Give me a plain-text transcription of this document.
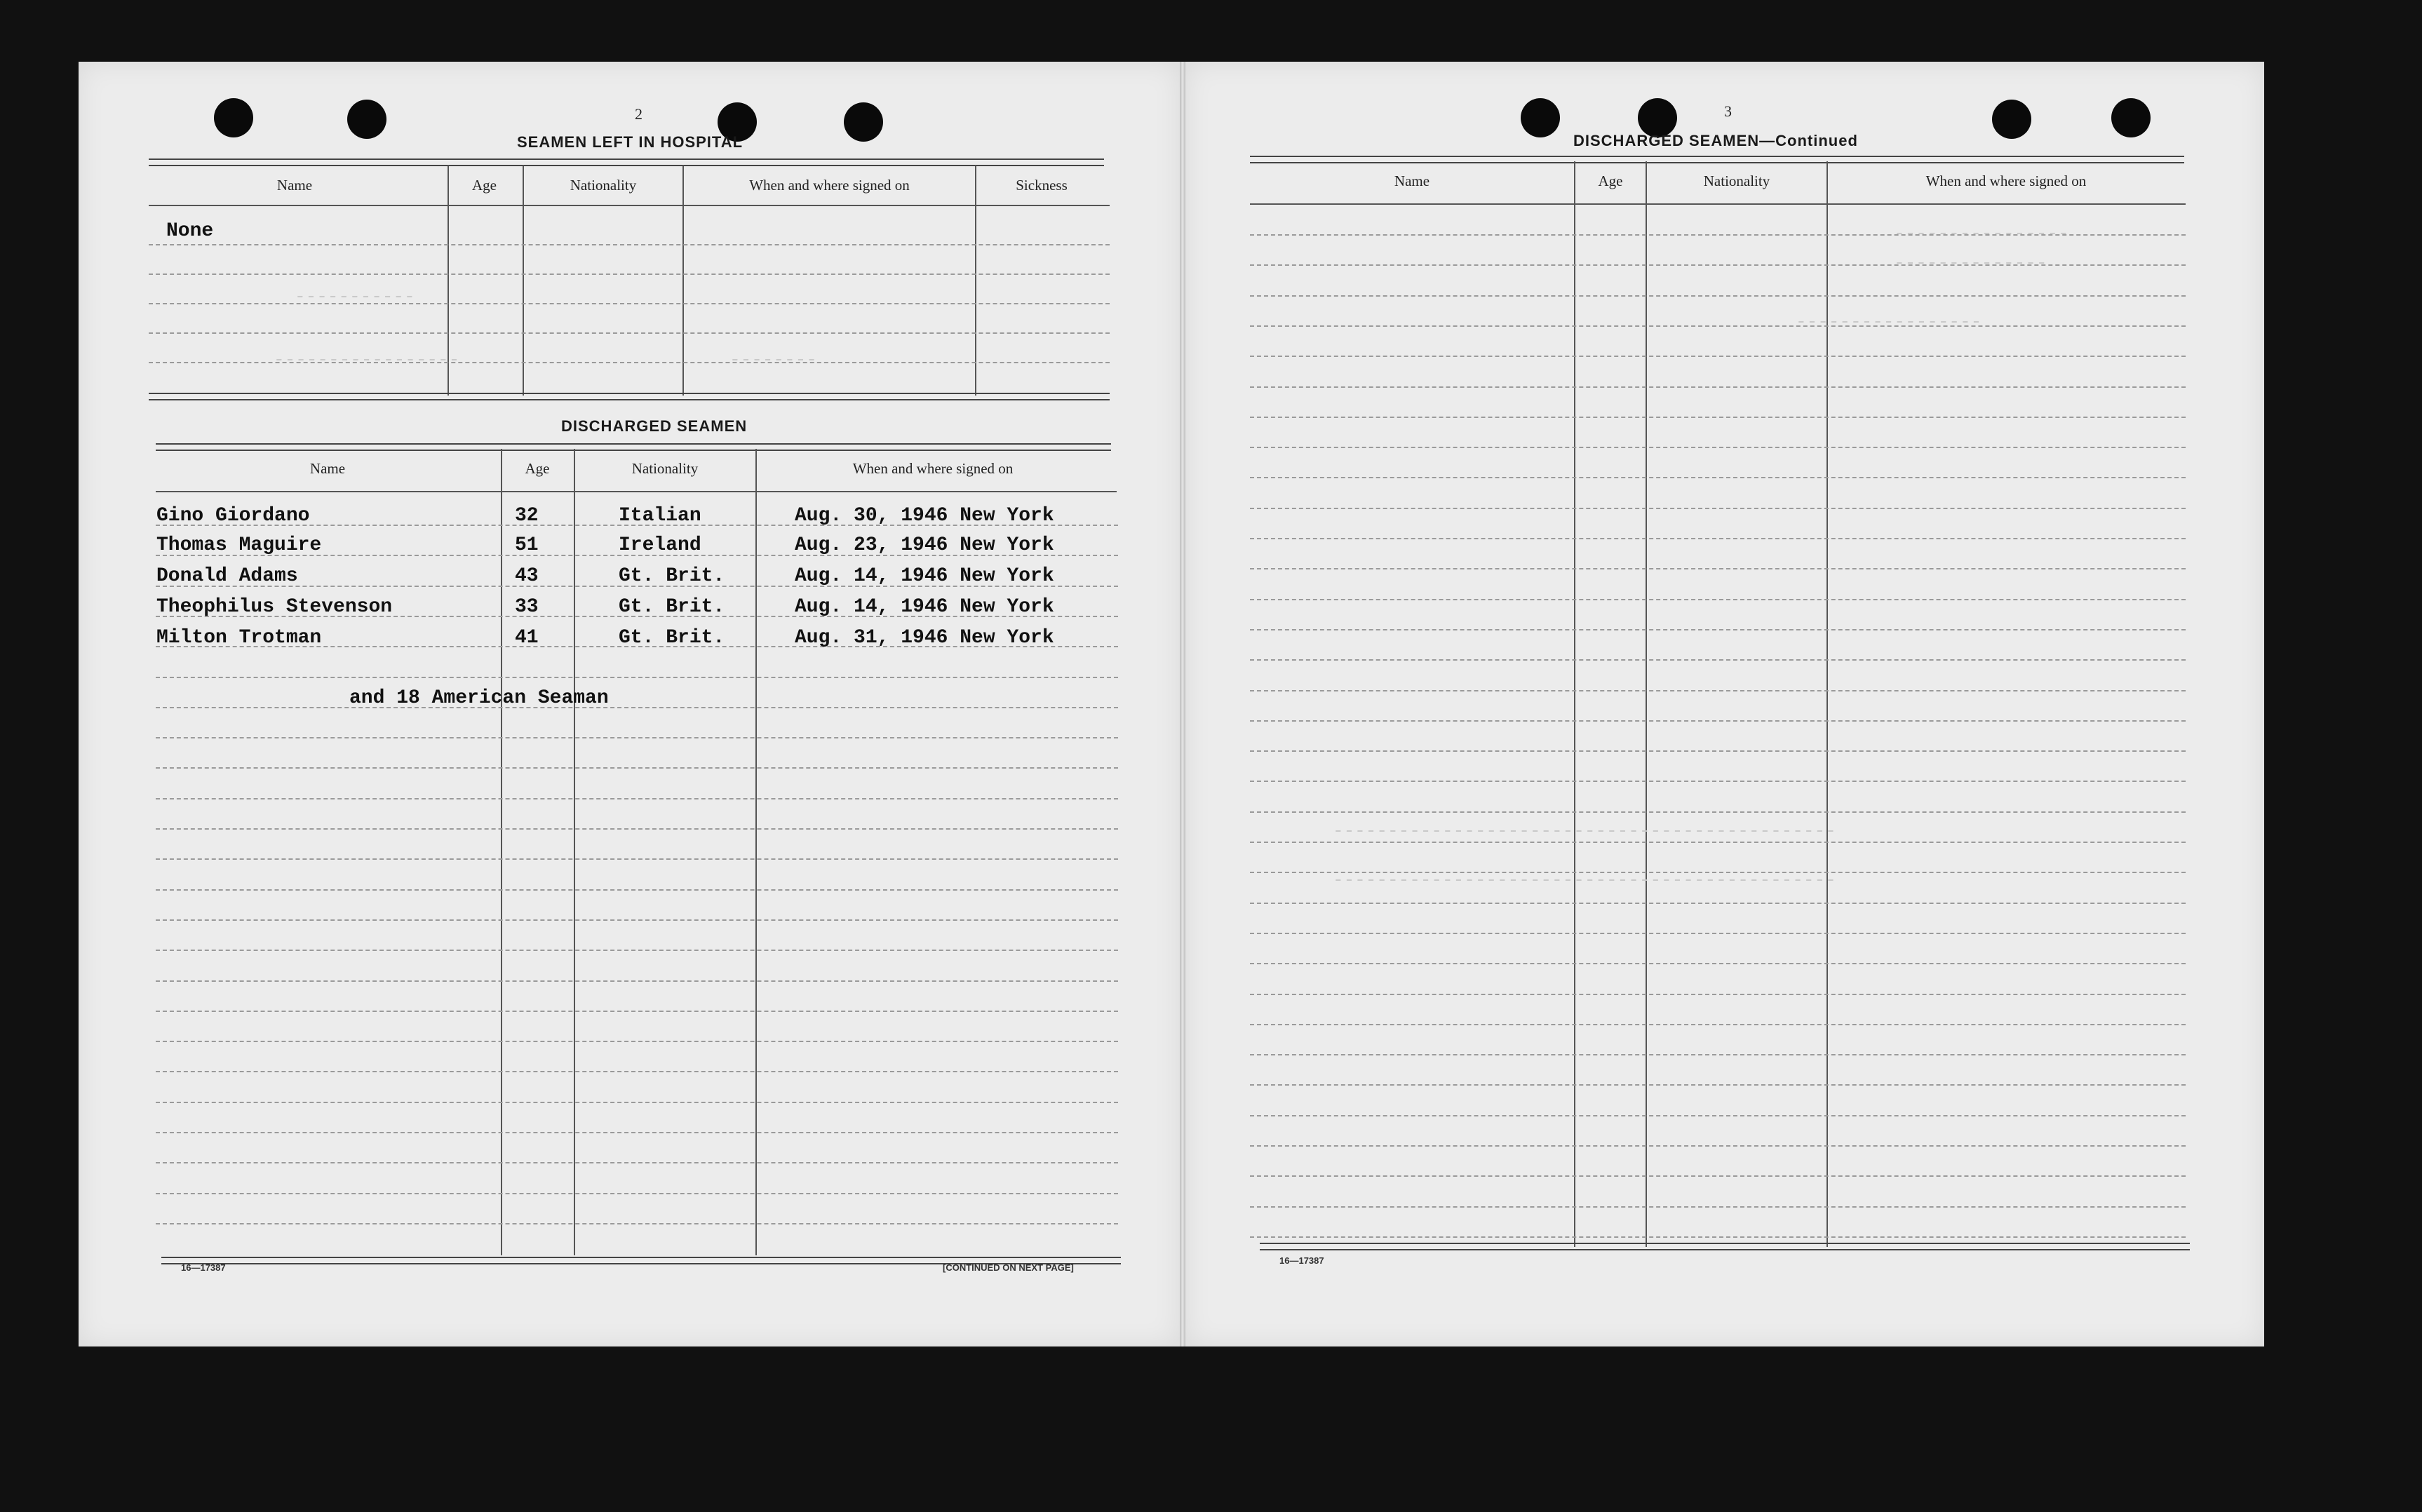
2
SEAMEN LEFT IN HOSPITAL
Name	Age	Nationality	When and where signed on	Sickness
None
-----------
-----------------	--------
DISCHARGED SEAMEN
Name	Age	Nationality	When and where signed on
Gino Giordano	32	Italian	Aug. 30, 1946 New York
Thomas Maguire	51	Ireland	Aug. 23, 1946 New York
Donald Adams	43	Gt. Brit.	Aug. 14, 1946 New York
Theophilus Stevenson	33	Gt. Brit.	Aug. 14, 1946 New York
Milton Trotman	41	Gt. Brit.	Aug. 31, 1946 New York
and 18 American Seaman
16—17387	[CONTINUED ON NEXT PAGE]
3
DISCHARGED SEAMEN—Continued
Name	Age	Nationality	When and where signed on
----------------
--------------
-----------------
----------------------------------------------
----------------------------------------------
16—17387
